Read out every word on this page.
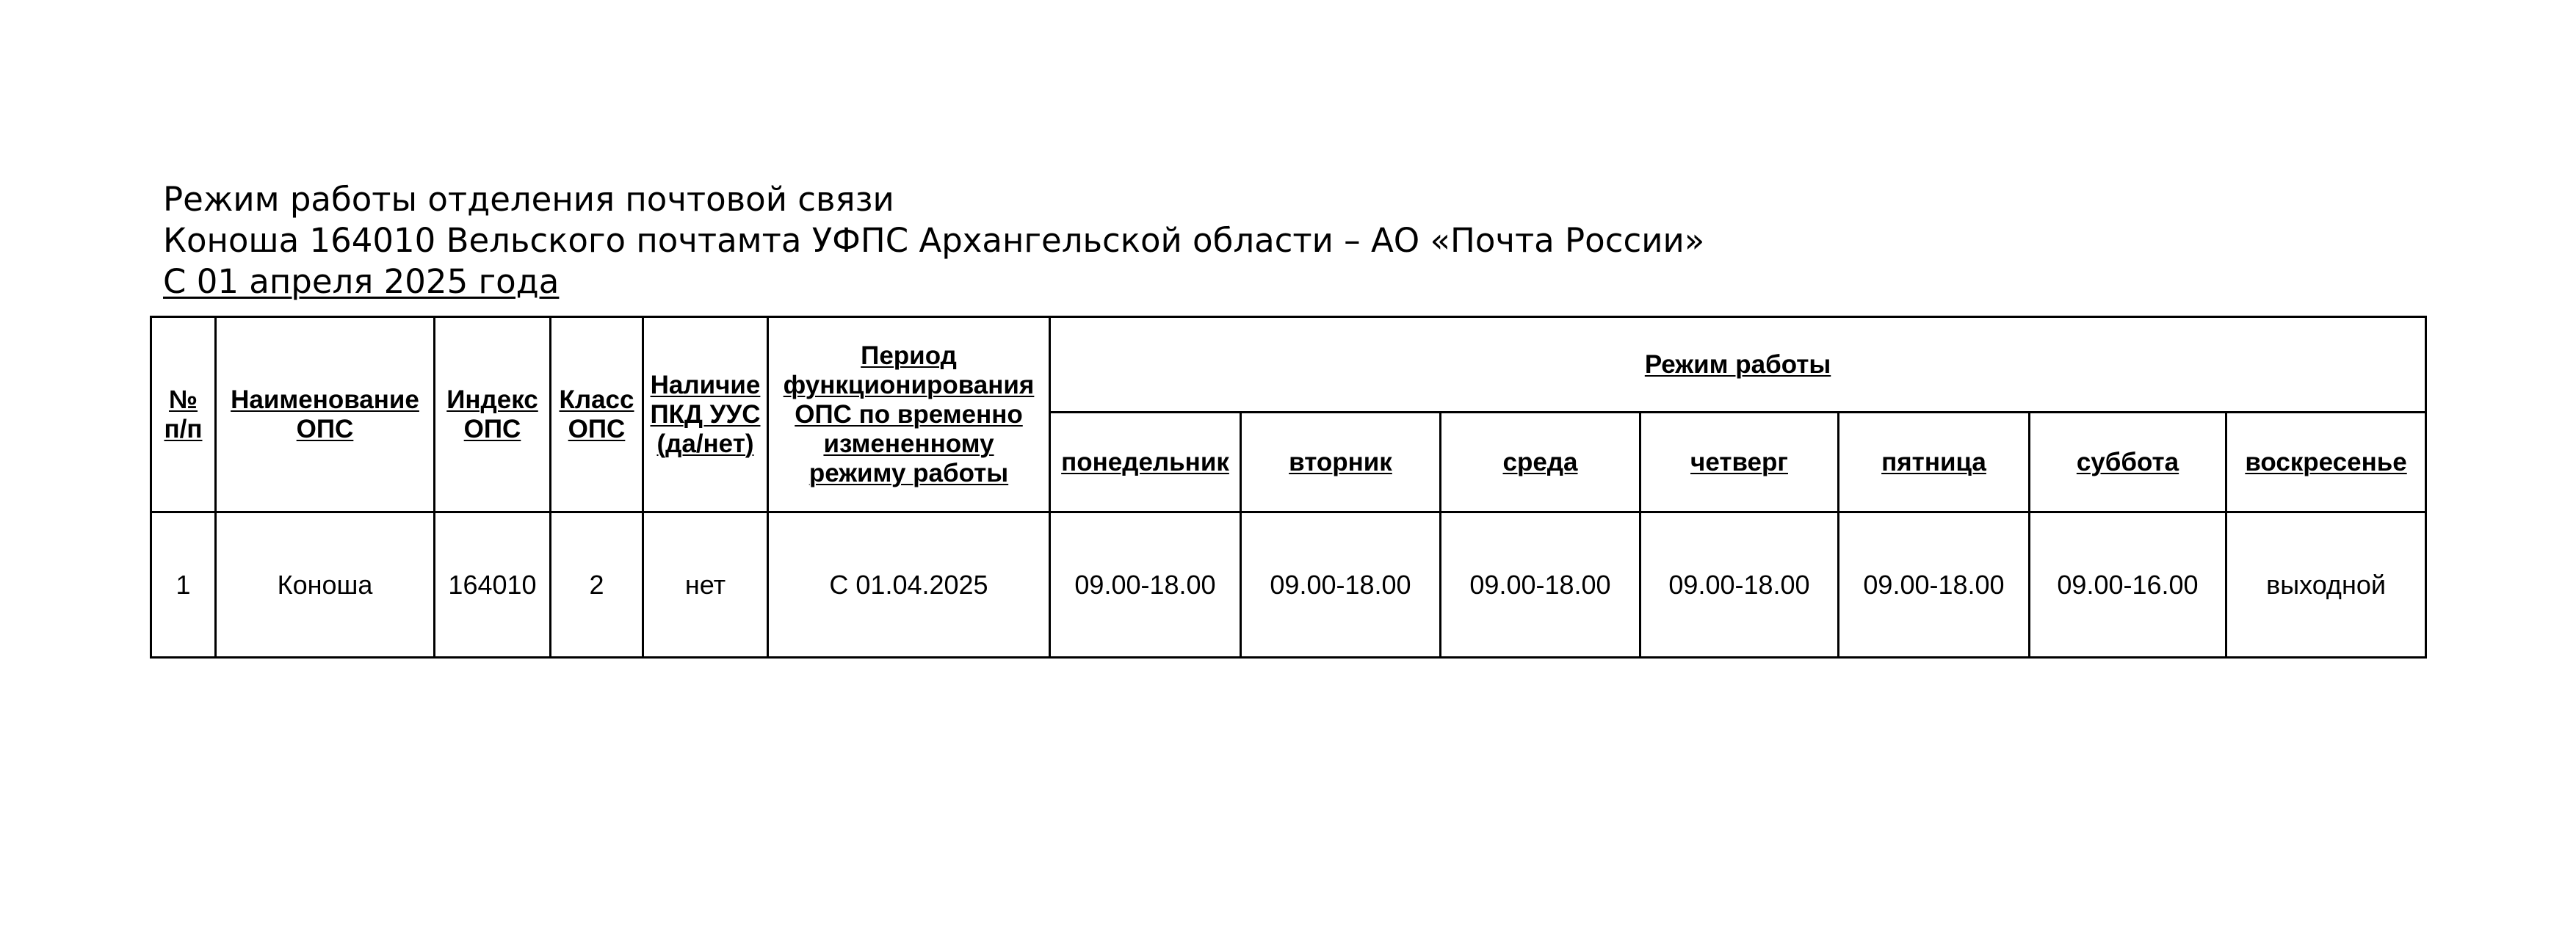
Режим работы отделения почтовой связи
Коноша 164010 Вельского почтамта УФПС Архангельской области – АО «Почта России»
С 01 апреля 2025 года
№ п/п	Наименование ОПС	Индекс ОПС	Класс ОПС	Наличие ПКД УУС (да/нет)	Период функционирования ОПС по временно измененному режиму работы	Режим работы						
						понедельник	вторник	среда	четверг	пятница	суббота	воскресенье
1	Коноша	164010	2	нет	С 01.04.2025	09.00-18.00	09.00-18.00	09.00-18.00	09.00-18.00	09.00-18.00	09.00-16.00	выходной
